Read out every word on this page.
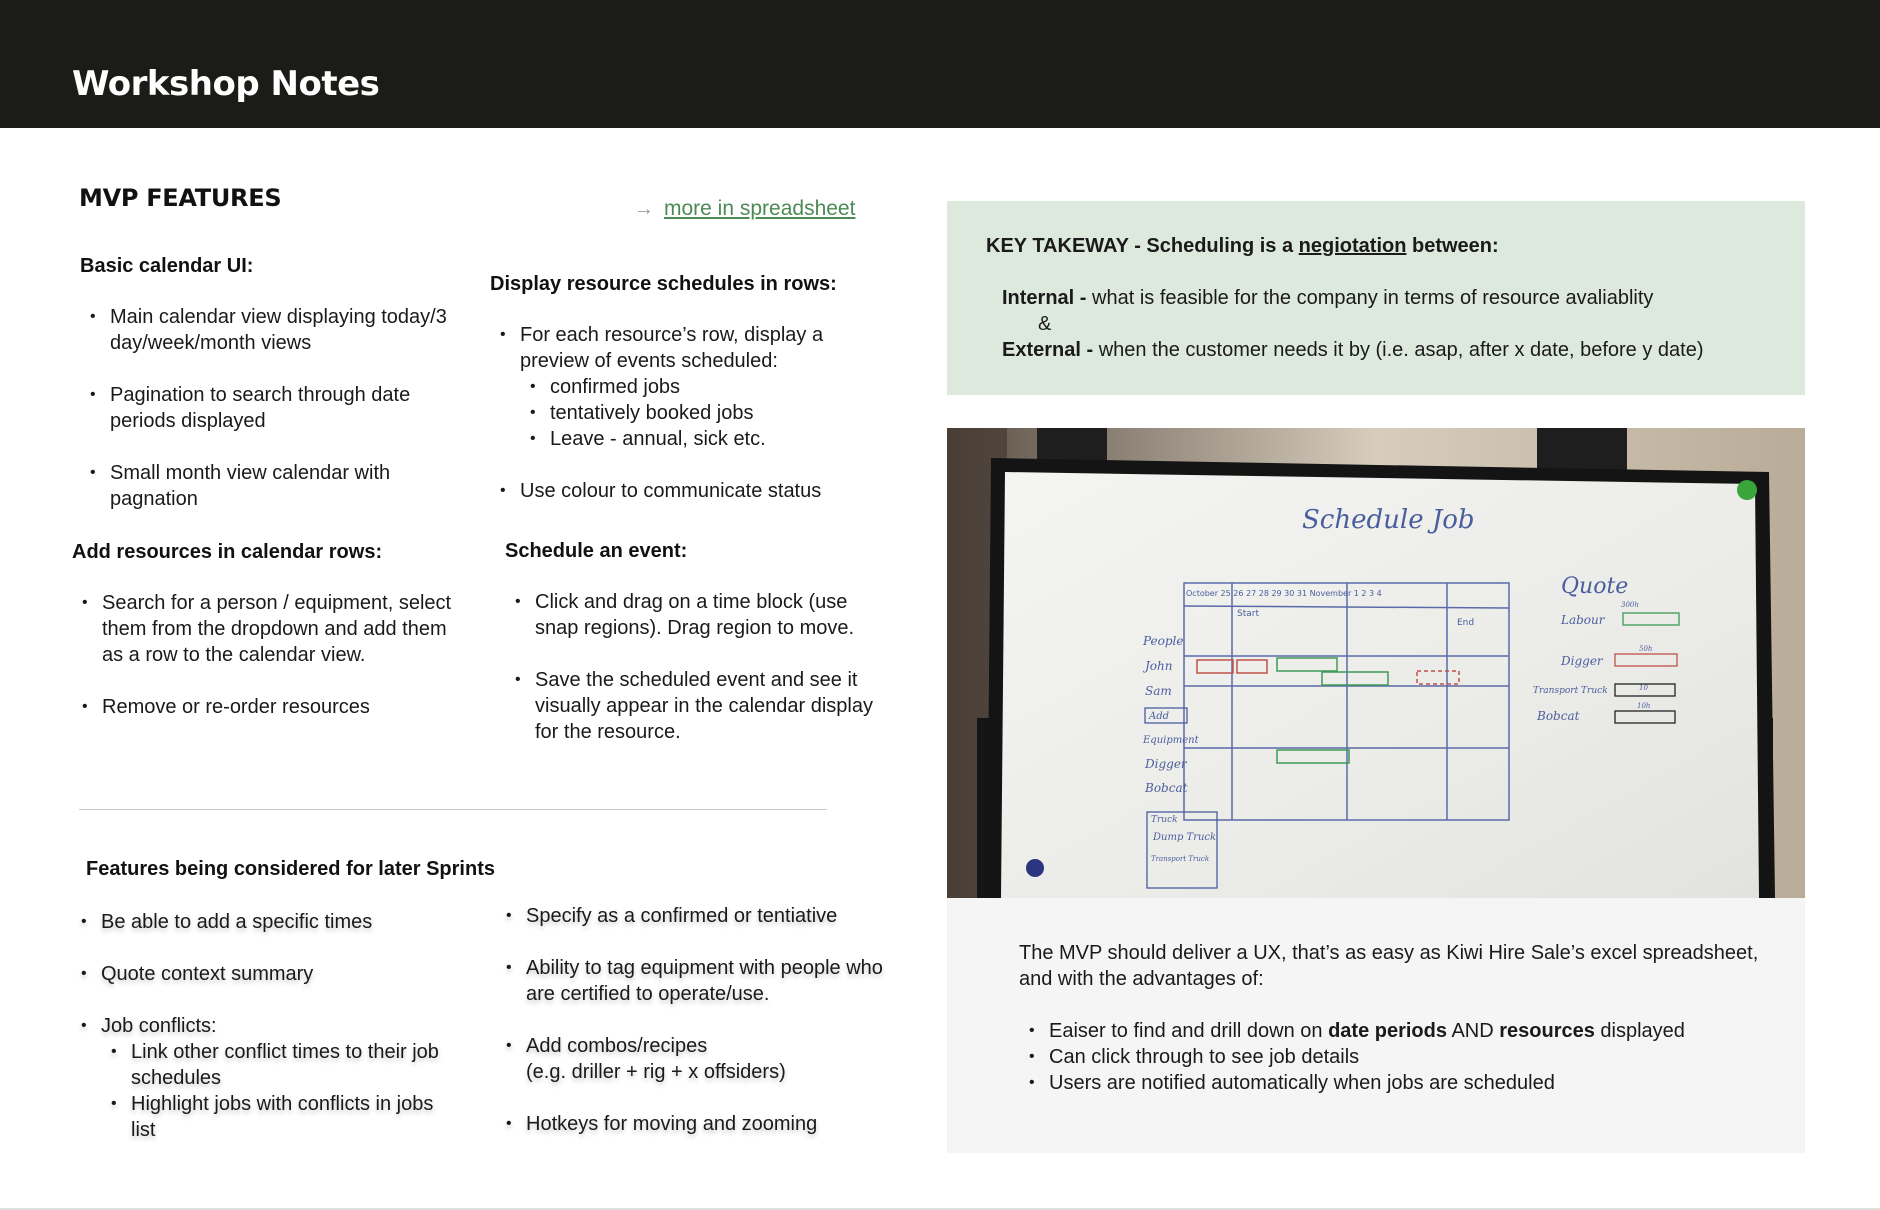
Workshop Notes
MVP FEATURES	→ more in spreadsheet
Basic calendar UI:
• Main calendar view displaying today/3 day/week/month views
• Pagination to search through date periods displayed
• Small month view calendar with pagnation
Display resource schedules in rows:
• For each resource’s row, display a preview of events scheduled:
• confirmed jobs
• tentatively booked jobs
• Leave - annual, sick etc.
• Use colour to communicate status
Add resources in calendar rows:
• Search for a person / equipment, select them from the dropdown and add them as a row to the calendar view.
• Remove or re-order resources
Schedule an event:
• Click and drag on a time block (use snap regions). Drag region to move.
• Save the scheduled event and see it visually appear in the calendar display for the resource.
Features being considered for later Sprints
• Be able to add a specific times
• Quote context summary
• Job conflicts:
• Link other conflict times to their job schedules
• Highlight jobs with conflicts in jobs list
• Specify as a confirmed or tentiative
• Ability to tag equipment with people who are certified to operate/use.
• Add combos/recipes
(e.g. driller + rig + x offsiders)
• Hotkeys for moving and zooming
KEY TAKEWAY - Scheduling is a negiotation between:
Internal - what is feasible for the company in terms of resource avaliablity
&
External - when the customer needs it by (i.e. asap, after x date, before y date)
Schedule Job
October 25 26 27 28 29 30 31 November 1 2 3 4
Start
End
People
John
Sam
Add
Equipment
Digger
Bobcat
Truck
Dump Truck
Transport Truck
Quote
Labour
Digger
Transport Truck
Bobcat
300h
50h
10
10h
The MVP should deliver a UX, that’s as easy as Kiwi Hire Sale’s excel spreadsheet, and with the advantages of:
• Eaiser to find and drill down on date periods AND resources displayed
• Can click through to see job details
• Users are notified automatically when jobs are scheduled
